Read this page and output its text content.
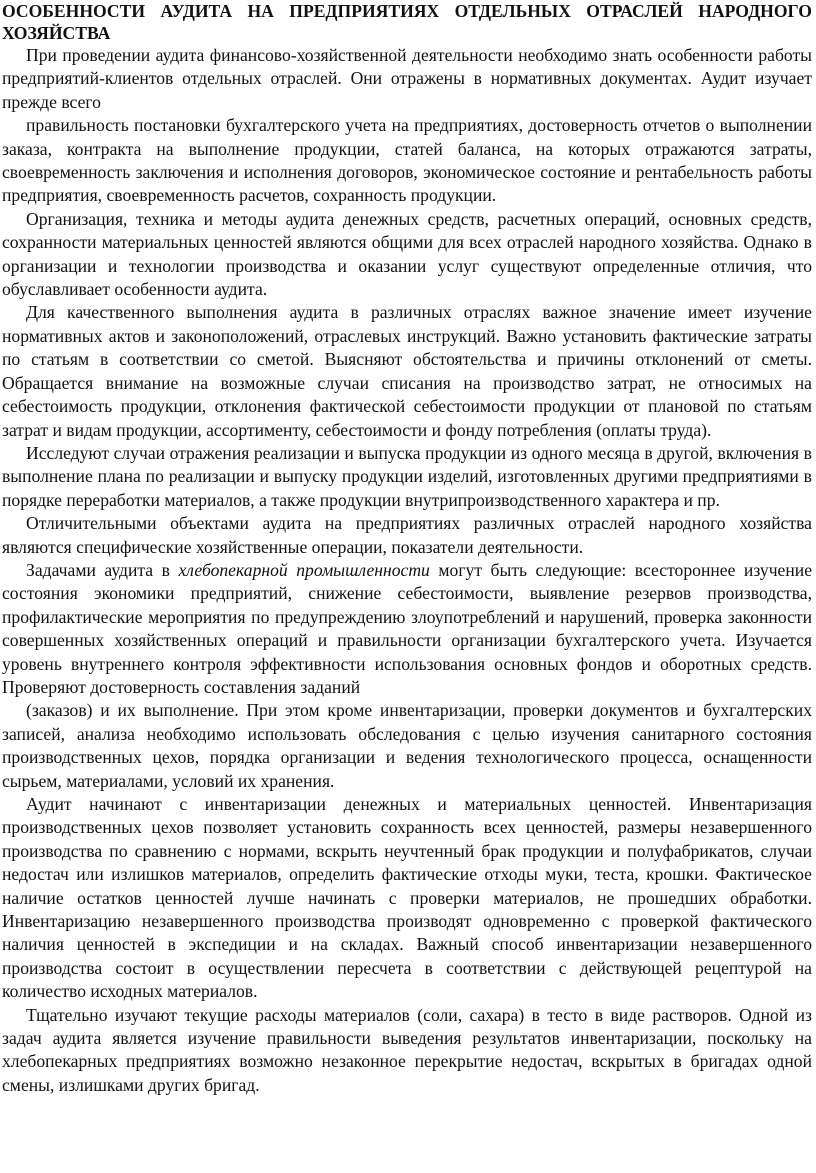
ОСОБЕННОСТИ АУДИТА НА ПРЕДПРИЯТИЯХ ОТДЕЛЬНЫХ ОТРАСЛЕЙ НАРОДНОГО ХОЗЯЙСТВА

При проведении аудита финансово-хозяйственной деятельности необходимо знать особенности работы предприятий-клиентов отдельных отраслей. Они отражены в нормативных документах. Аудит изучает прежде всего

правильность постановки бухгалтерского учета на предприятиях, достоверность отчетов о выполнении заказа, контракта на выполнение продукции, статей баланса, на которых отражаются затраты, своевременность заключения и исполнения договоров, экономическое состояние и рентабельность работы предприятия, своевременность расчетов, сохранность продукции.

Организация, техника и методы аудита денежных средств, расчетных операций, основных средств, сохранности материальных ценностей являются общими для всех отраслей народного хозяйства. Однако в организации и технологии производства и оказании услуг существуют определенные отличия, что обуславливает особенности аудита.

Для качественного выполнения аудита в различных отраслях важное значение имеет изучение нормативных актов и законоположений, отраслевых инструкций. Важно установить фактические затраты по статьям в соответствии со сметой. Выясняют обстоятельства и причины отклонений от сметы. Обращается внимание на возможные случаи списания на производство затрат, не относимых на себестоимость продукции, отклонения фактической себестоимости продукции от плановой по статьям затрат и видам продукции, ассортименту, себестоимости и фонду потребления (оплаты труда).

Исследуют случаи отражения реализации и выпуска продукции из одного месяца в другой, включения в выполнение плана по реализации и выпуску продукции изделий, изготовленных другими предприятиями в порядке переработки материалов, а также продукции внутрипроизводственного характера и пр.

Отличительными объектами аудита на предприятиях различных отраслей народного хозяйства являются специфические хозяйственные операции, показатели деятельности.

Задачами аудита в хлебопекарной промышленности могут быть следующие: всестороннее изучение состояния экономики предприятий, снижение себестоимости, выявление резервов производства, профилактические мероприятия по предупреждению злоупотреблений и нарушений, проверка законности совершенных хозяйственных операций и правильности организации бухгалтерского учета. Изучается уровень внутреннего контроля эффективности использования основных фондов и оборотных средств. Проверяют достоверность составления заданий

(заказов) и их выполнение. При этом кроме инвентаризации, проверки документов и бухгалтерских записей, анализа необходимо использовать обследования с целью изучения санитарного состояния производственных цехов, порядка организации и ведения технологического процесса, оснащенности сырьем, материалами, условий их хранения.

Аудит начинают с инвентаризации денежных и материальных ценностей. Инвентаризация производственных цехов позволяет установить сохранность всех ценностей, размеры незавершенного производства по сравнению с нормами, вскрыть неучтенный брак продукции и полуфабрикатов, случаи недостач или излишков материалов, определить фактические отходы муки, теста, крошки. Фактическое наличие остатков ценностей лучше начинать с проверки материалов, не прошедших обработки. Инвентаризацию незавершенного производства производят одновременно с проверкой фактического наличия ценностей в экспедиции и на складах. Важный способ инвентаризации незавершенного производства состоит в осуществлении пересчета в соответствии с действующей рецептурой на количество исходных материалов.

Тщательно изучают текущие расходы материалов (соли, сахара) в тесто в виде растворов. Одной из задач аудита является изучение правильности выведения результатов инвентаризации, поскольку на хлебопекарных предприятиях возможно незаконное перекрытие недостач, вскрытых в бригадах одной смены, излишками других бригад.
